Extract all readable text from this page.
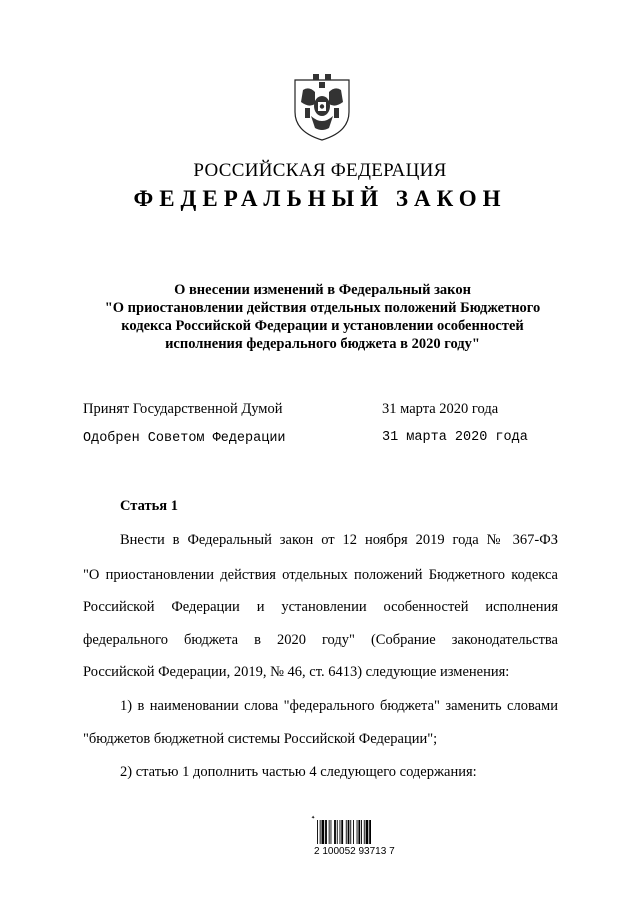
РОССИЙСКАЯ ФЕДЕРАЦИЯ
ФЕДЕРАЛЬНЫЙ ЗАКОН
О внесении изменений в Федеральный закон
"О приостановлении действия отдельных положений Бюджетного
кодекса Российской Федерации и установлении особенностей
исполнения федерального бюджета в 2020 году"
Принят Государственной Думой	31 марта 2020 года
Одобрен Советом Федерации	31 марта 2020 года
Статья 1
Внести в Федеральный закон от 12 ноября 2019 года № 367-ФЗ
"О приостановлении действия отдельных положений Бюджетного кодекса
Российской Федерации и установлении особенностей исполнения
федерального бюджета в 2020 году" (Собрание законодательства
Российской Федерации, 2019, № 46, ст. 6413) следующие изменения:
1) в наименовании слова "федерального бюджета" заменить словами
"бюджетов бюджетной системы Российской Федерации";
2) статью 1 дополнить частью 4 следующего содержания:
✦
2 100052 93713 7
